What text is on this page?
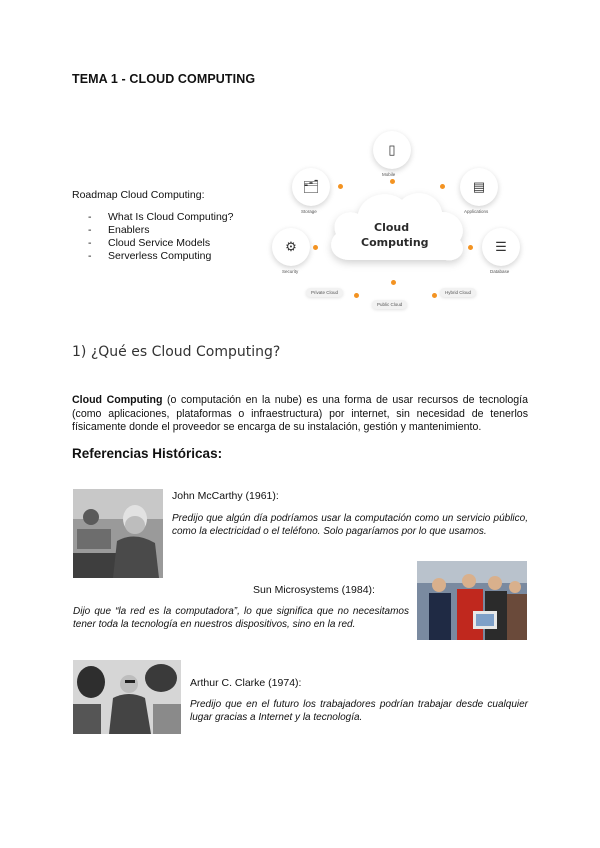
TEMA 1 - CLOUD COMPUTING
Roadmap Cloud Computing:
- What Is Cloud Computing?
- Enablers
- Cloud Service Models
- Serverless Computing
Cloud
Computing
▯
Mobile
▤
Applications
☰
Database
🗂
Storage
⚙
Security
Private Cloud
Public Cloud
Hybrid Cloud
1) ¿Qué es Cloud Computing?
Cloud Computing (o computación en la nube) es una forma de usar recursos de tecnología (como aplicaciones, plataformas o infraestructura) por internet, sin necesidad de tenerlos físicamente donde el proveedor se encarga de su instalación, gestión y mantenimiento.
Referencias Históricas:
John McCarthy (1961):
Predijo que algún día podríamos usar la computación como un servicio público, como la electricidad o el teléfono. Solo pagaríamos por lo que usamos.
Sun Microsystems (1984):
Dijo que “la red es la computadora”, lo que significa que no necesitamos tener toda la tecnología en nuestros dispositivos, sino en la red.
Arthur C. Clarke (1974):
Predijo que en el futuro los trabajadores podrían trabajar desde cualquier lugar gracias a Internet y la tecnología.
